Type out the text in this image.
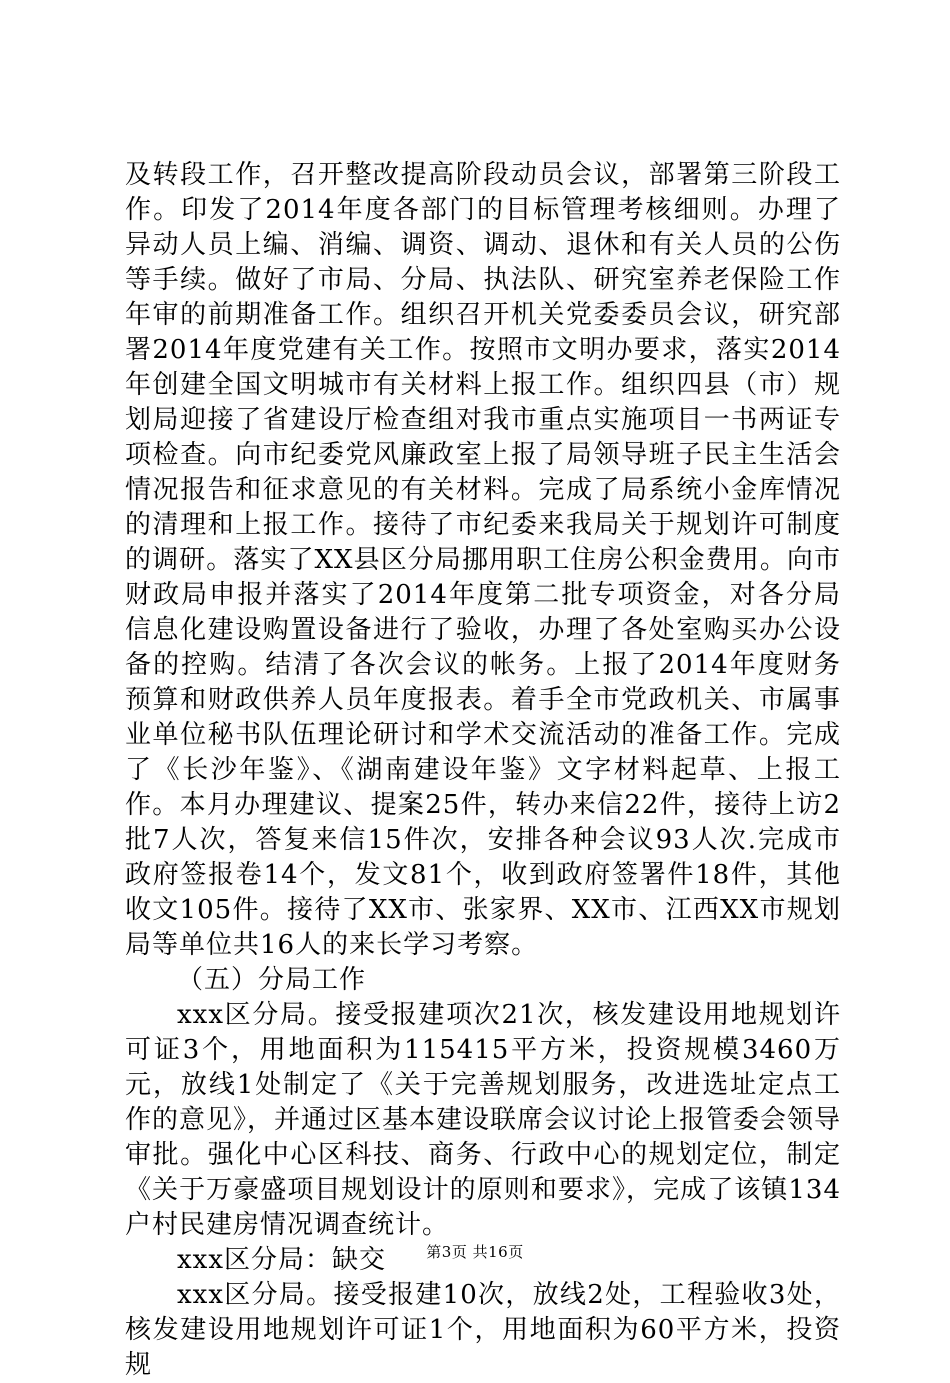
及转段工作，召开整改提高阶段动员会议，部署第三阶段工作。印发了2014年度各部门的目标管理考核细则。办理了异动人员上编、消编、调资、调动、退休和有关人员的公伤等手续。做好了市局、分局、执法队、研究室养老保险工作年审的前期准备工作。组织召开机关党委委员会议，研究部署2014年度党建有关工作。按照市文明办要求，落实2014年创建全国文明城市有关材料上报工作。组织四县（市）规划局迎接了省建设厅检查组对我市重点实施项目一书两证专项检查。向市纪委党风廉政室上报了局领导班子民主生活会情况报告和征求意见的有关材料。完成了局系统小金库情况的清理和上报工作。接待了市纪委来我局关于规划许可制度的调研。落实了XX县区分局挪用职工住房公积金费用。向市财政局申报并落实了2014年度第二批专项资金，对各分局信息化建设购置设备进行了验收，办理了各处室购买办公设备的控购。结清了各次会议的帐务。上报了2014年度财务预算和财政供养人员年度报表。着手全市党政机关、市属事业单位秘书队伍理论研讨和学术交流活动的准备工作。完成了《长沙年鉴》、《湖南建设年鉴》文字材料起草、上报工作。本月办理建议、提案25件，转办来信22件，接待上访2批7人次，答复来信15件次，安排各种会议93人次.完成市政府签报卷14个，发文81个，收到政府签署件18件，其他收文105件。接待了XX市、张家界、XX市、江西XX市规划局等单位共16人的来长学习考察。

（五）分局工作

xxx区分局。接受报建项次21次，核发建设用地规划许可证3个，用地面积为115415平方米，投资规模3460万元，放线1处制定了《关于完善规划服务，改进选址定点工作的意见》，并通过区基本建设联席会议讨论上报管委会领导审批。强化中心区科技、商务、行政中心的规划定位，制定《关于万豪盛项目规划设计的原则和要求》，完成了该镇134户村民建房情况调查统计。

xxx区分局：缺交

xxx区分局。接受报建10次，放线2处，工程验收3处，核发建设用地规划许可证1个，用地面积为60平方米，投资规

第3页 共16页
